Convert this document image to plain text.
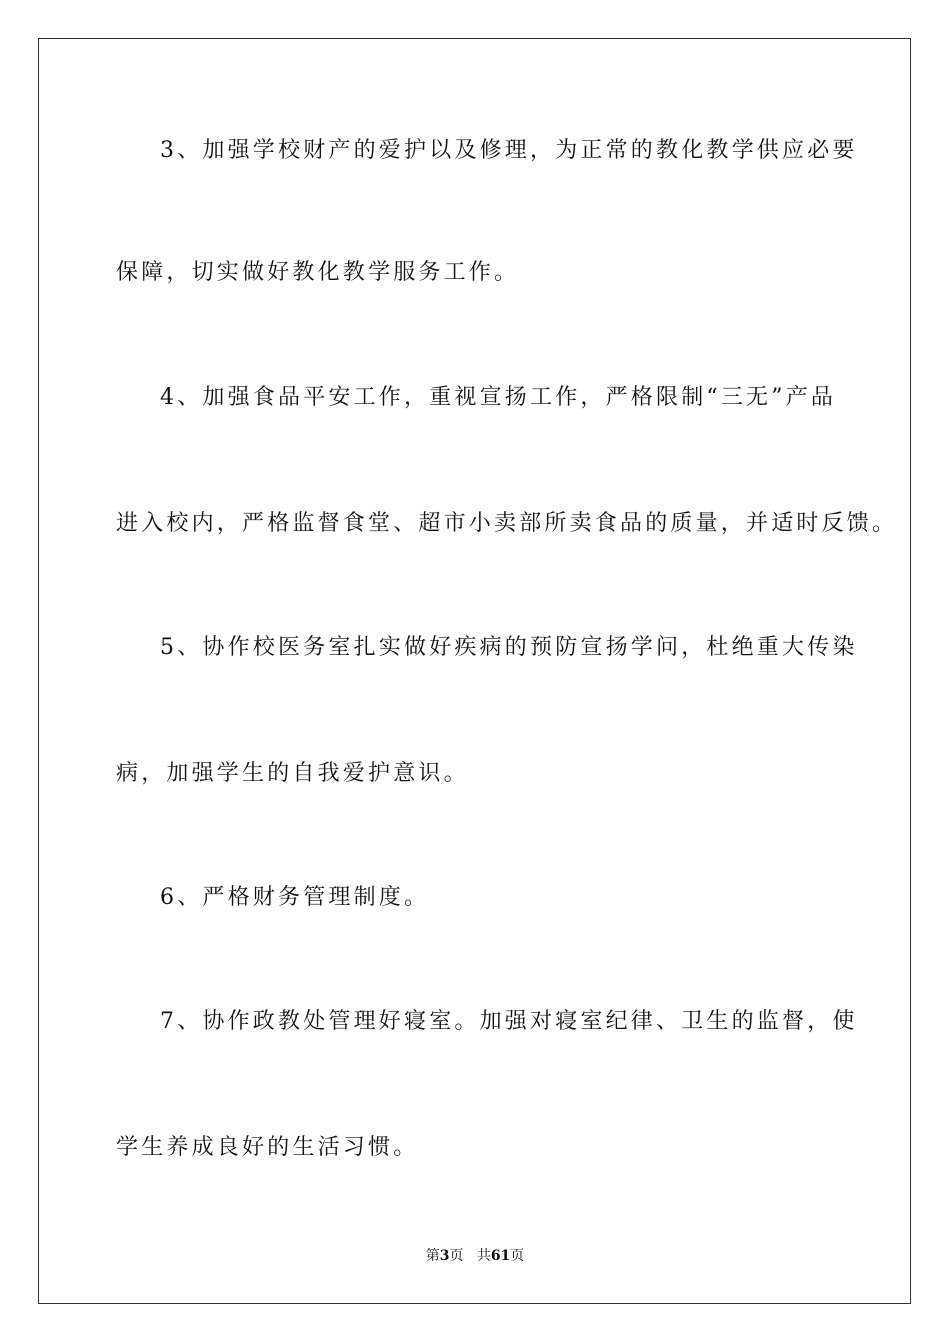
3、加强学校财产的爱护以及修理，为正常的教化教学供应必要
保障，切实做好教化教学服务工作。
4、加强食品平安工作，重视宣扬工作，严格限制“三无”产品
进入校内，严格监督食堂、超市小卖部所卖食品的质量，并适时反馈。
5、协作校医务室扎实做好疾病的预防宣扬学问，杜绝重大传染
病，加强学生的自我爱护意识。
6、严格财务管理制度。
7、协作政教处管理好寝室。加强对寝室纪律、卫生的监督，使
学生养成良好的生活习惯。
第3页 共61页
